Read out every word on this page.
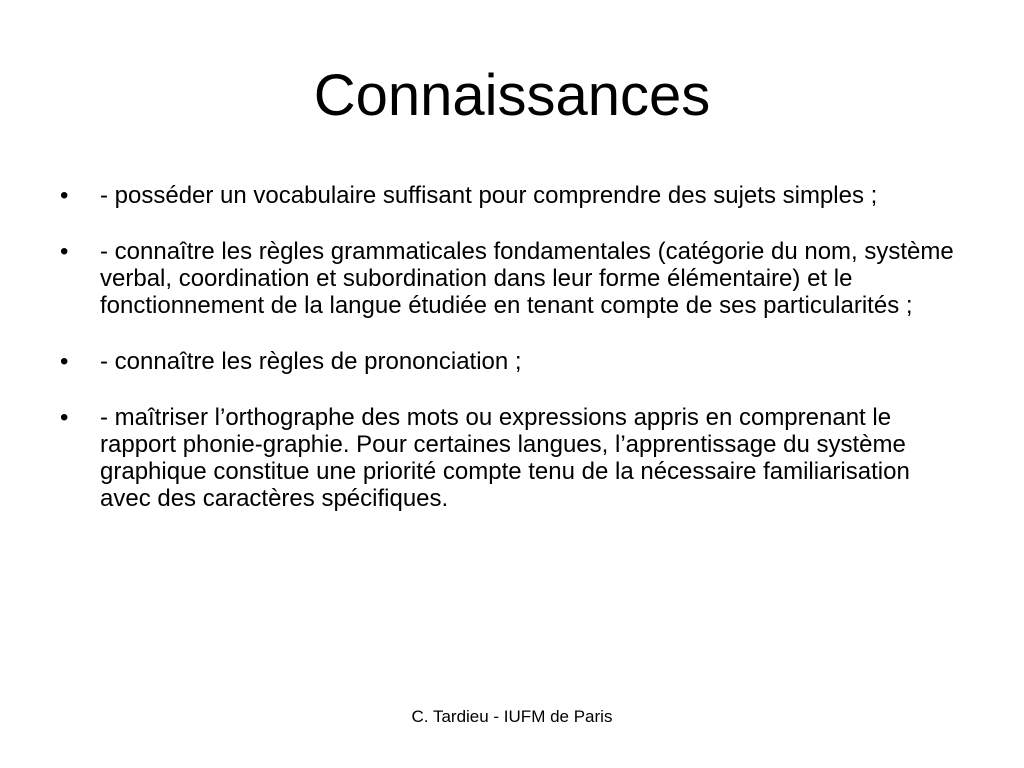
Connaissances
• - posséder un vocabulaire suffisant pour comprendre des sujets simples ;
• - connaître les règles grammaticales fondamentales (catégorie du nom, système verbal, coordination et subordination dans leur forme élémentaire) et le fonctionnement de la langue étudiée en tenant compte de ses particularités ;
• - connaître les règles de prononciation ;
• - maîtriser l’orthographe des mots ou expressions appris en comprenant le rapport phonie-graphie. Pour certaines langues, l’apprentissage du système graphique constitue une priorité compte tenu de la nécessaire familiarisation avec des caractères spécifiques.
C. Tardieu - IUFM de Paris
